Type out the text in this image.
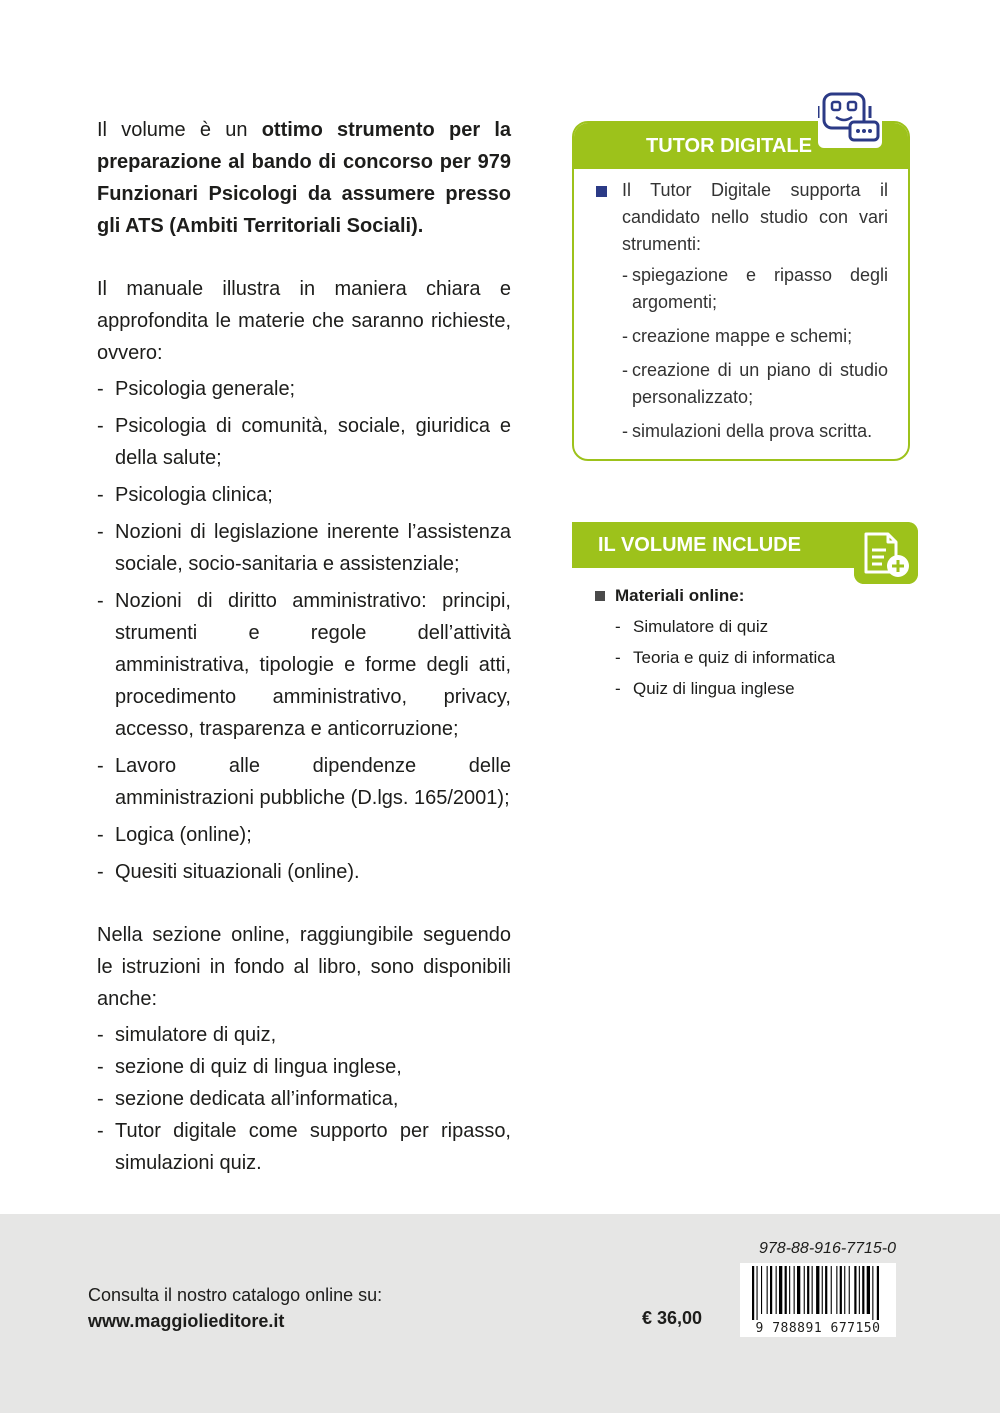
Il volume è un ottimo strumento per la preparazione al bando di concorso per 979 Funzionari Psicologi da assumere presso gli ATS (Ambiti Territoriali Sociali).

Il manuale illustra in maniera chiara e approfondita le materie che saranno richieste, ovvero:

- Psicologia generale;
- Psicologia di comunità, sociale, giuridica e della salute;
- Psicologia clinica;
- Nozioni di legislazione inerente l’assistenza sociale, socio-sanitaria e assistenziale;
- Nozioni di diritto amministrativo: principi, strumenti e regole dell’attività amministrativa, tipologie e forme degli atti, procedimento amministrativo, privacy, accesso, trasparenza e anticorruzione;
- Lavoro alle dipendenze delle amministrazioni pubbliche (D.lgs. 165/2001);
- Logica (online);
- Quesiti situazionali (online).

Nella sezione online, raggiungibile seguendo le istruzioni in fondo al libro, sono disponibili anche:

- simulatore di quiz,
- sezione di quiz di lingua inglese,
- sezione dedicata all’informatica,
- Tutor digitale come supporto per ripasso, simulazioni quiz.
TUTOR DIGITALE
Il Tutor Digitale supporta il candidato nello studio con vari strumenti:
- spiegazione e ripasso degli argomenti;
- creazione mappe e schemi;
- creazione di un piano di studio personalizzato;
- simulazioni della prova scritta.
IL VOLUME INCLUDE
Materiali online:
- Simulatore di quiz
- Teoria e quiz di informatica
- Quiz di lingua inglese
Consulta il nostro catalogo online su:
www.maggiolieditore.it	€ 36,00
978-88-916-7715-0
9 788891 677150
